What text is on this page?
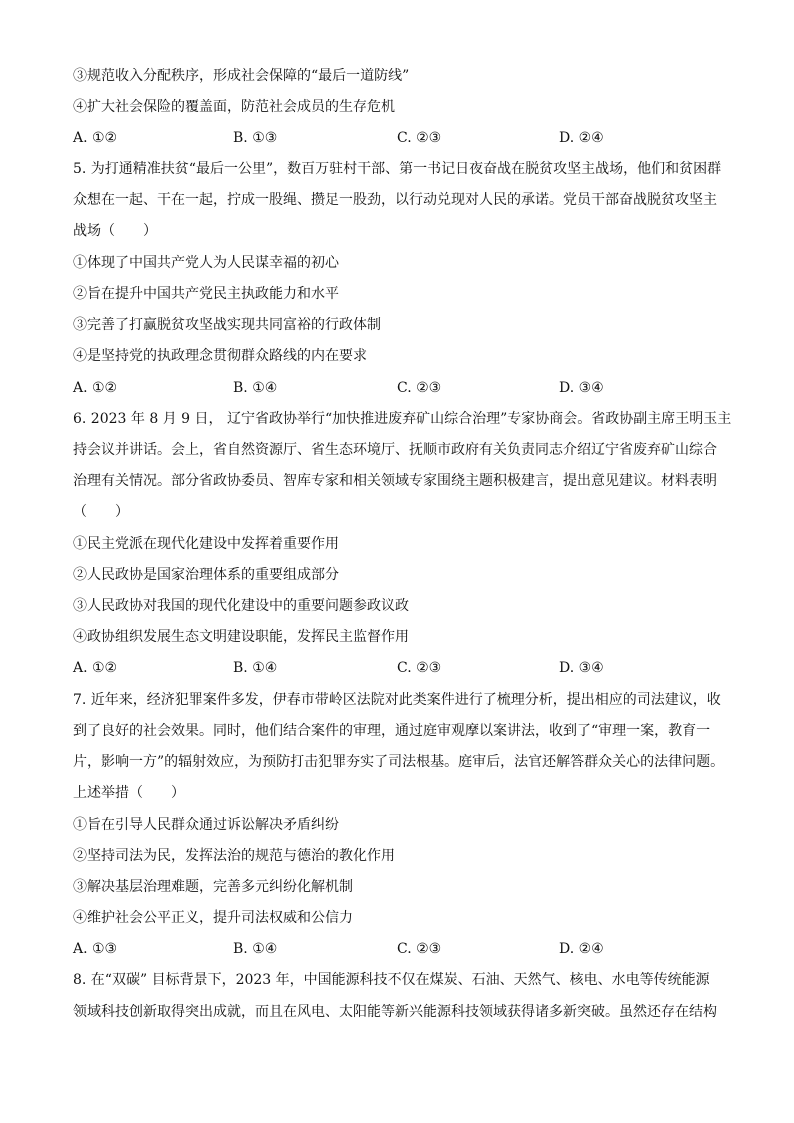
③规范收入分配秩序，形成社会保障的“最后一道防线”
④扩大社会保险的覆盖面，防范社会成员的生存危机
A. ①②	B. ①③	C. ②③	D. ②④
5. 为打通精准扶贫“最后一公里”，数百万驻村干部、第一书记日夜奋战在脱贫攻坚主战场，他们和贫困群
众想在一起、干在一起，拧成一股绳、攒足一股劲，以行动兑现对人民的承诺。党员干部奋战脱贫攻坚主
战场（　　）
①体现了中国共产党人为人民谋幸福的初心
②旨在提升中国共产党民主执政能力和水平
③完善了打赢脱贫攻坚战实现共同富裕的行政体制
④是坚持党的执政理念贯彻群众路线的内在要求
A. ①②	B. ①④	C. ②③	D. ③④
6. 2023 年 8 月 9 日， 辽宁省政协举行“加快推进废弃矿山综合治理”专家协商会。省政协副主席王明玉主
持会议并讲话。会上，省自然资源厅、省生态环境厅、抚顺市政府有关负责同志介绍辽宁省废弃矿山综合
治理有关情况。部分省政协委员、智库专家和相关领域专家围绕主题积极建言，提出意见建议。材料表明
（　　）
①民主党派在现代化建设中发挥着重要作用
②人民政协是国家治理体系的重要组成部分
③人民政协对我国的现代化建设中的重要问题参政议政
④政协组织发展生态文明建设职能，发挥民主监督作用
A. ①②	B. ①④	C. ②③	D. ③④
7. 近年来，经济犯罪案件多发，伊春市带岭区法院对此类案件进行了梳理分析，提出相应的司法建议，收
到了良好的社会效果。同时，他们结合案件的审理，通过庭审观摩以案讲法，收到了“审理一案，教育一
片，影响一方”的辐射效应，为预防打击犯罪夯实了司法根基。庭审后，法官还解答群众关心的法律问题。
上述举措（　　）
①旨在引导人民群众通过诉讼解决矛盾纠纷
②坚持司法为民，发挥法治的规范与德治的教化作用
③解决基层治理难题，完善多元纠纷化解机制
④维护社会公平正义，提升司法权威和公信力
A. ①③	B. ①④	C. ②③	D. ②④
8. 在“双碳” 目标背景下，2023 年，中国能源科技不仅在煤炭、石油、天然气、核电、水电等传统能源
领域科技创新取得突出成就，而且在风电、太阳能等新兴能源科技领域获得诸多新突破。虽然还存在结构
